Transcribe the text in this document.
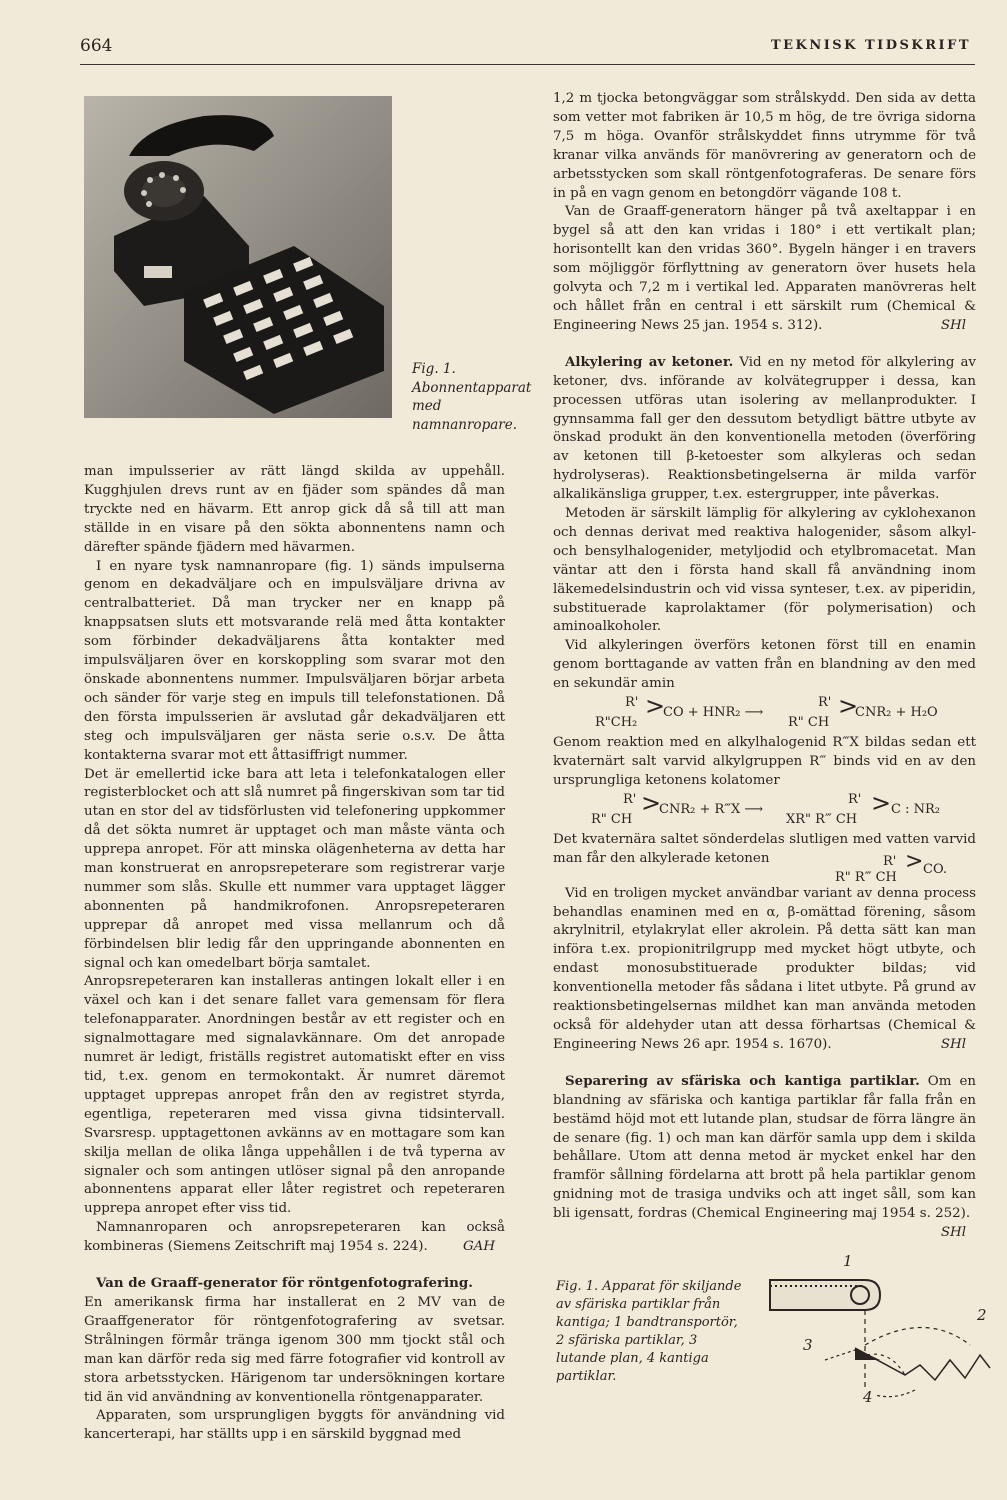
664	TEKNISK TIDSKRIFT
Fig. 1. Abonnentapparat med namnanropare.

man impulsserier av rätt längd skilda av uppehåll. Kugghjulen drevs runt av en fjäder som spändes då man tryckte ned en hävarm. Ett anrop gick då så till att man ställde in en visare på den sökta abonnentens namn och därefter spände fjädern med hävarmen.

I en nyare tysk namnanropare (fig. 1) sänds impulserna genom en dekadväljare och en impulsväljare drivna av centralbatteriet. Då man trycker ner en knapp på knappsatsen sluts ett motsvarande relä med åtta kontakter som förbinder dekadväljarens åtta kontakter med impulsväljaren över en korskoppling som svarar mot den önskade abonnentens nummer. Impulsväljaren börjar arbeta och sänder för varje steg en impuls till telefonstationen. Då den första impulsserien är avslutad går dekadväljaren ett steg och impulsväljaren ger nästa serie o.s.v. De åtta kontakterna svarar mot ett åttasiffrigt nummer.

Det är emellertid icke bara att leta i telefonkatalogen eller registerblocket och att slå numret på fingerskivan som tar tid utan en stor del av tidsförlusten vid telefonering uppkommer då det sökta numret är upptaget och man måste vänta och upprepa anropet. För att minska olägenheterna av detta har man konstruerat en anropsrepeterare som registrerar varje nummer som slås. Skulle ett nummer vara upptaget lägger abonnenten på handmikrofonen. Anropsrepeteraren upprepar då anropet med vissa mellanrum och då förbindelsen blir ledig får den uppringande abonnenten en signal och kan omedelbart börja samtalet.

Anropsrepeteraren kan installeras antingen lokalt eller i en växel och kan i det senare fallet vara gemensam för flera telefonapparater. Anordningen består av ett register och en signalmottagare med signalavkännare. Om det anropade numret är ledigt, friställs registret automatiskt efter en viss tid, t.ex. genom en termokontakt. Är numret däremot upptaget upprepas anropet från den av registret styrda, egentliga, repeteraren med vissa givna tidsintervall. Svarsresp. upptagettonen avkänns av en mottagare som kan skilja mellan de olika långa uppehållen i de två typerna av signaler och som antingen utlöser signal på den anropande abonnentens apparat eller låter registret och repeteraren upprepa anropet efter viss tid.

Namnanroparen och anropsrepeteraren kan också kombineras (Siemens Zeitschrift maj 1954 s. 224).	GAH

Van de Graaff-generator för röntgenfotografering.

En amerikansk firma har installerat en 2 MV van de Graaffgenerator för röntgenfotografering av svetsar. Strålningen förmår tränga igenom 300 mm tjockt stål och man kan därför reda sig med färre fotografier vid kontroll av stora arbetsstycken. Härigenom tar undersökningen kortare tid än vid användning av konventionella röntgenapparater.

Apparaten, som ursprungligen byggts för användning vid kancerterapi, har ställts upp i en särskild byggnad med

1,2 m tjocka betongväggar som strålskydd. Den sida av detta som vetter mot fabriken är 10,5 m hög, de tre övriga sidorna 7,5 m höga. Ovanför strålskyddet finns utrymme för två kranar vilka används för manövrering av generatorn och de arbetsstycken som skall röntgenfotograferas. De senare förs in på en vagn genom en betongdörr vägande 108 t.

Van de Graaff-generatorn hänger på två axeltappar i en bygel så att den kan vridas i 180° i ett vertikalt plan; horisontellt kan den vridas 360°. Bygeln hänger i en travers som möjliggör förflyttning av generatorn över husets hela golvyta och 7,2 m i vertikal led. Apparaten manövreras helt och hållet från en central i ett särskilt rum (Chemical & Engineering News 25 jan. 1954 s. 312).	SHl

Alkylering av ketoner. Vid en ny metod för alkylering av ketoner, dvs. införande av kolvätegrupper i dessa, kan processen utföras utan isolering av mellanprodukter. I gynnsamma fall ger den dessutom betydligt bättre utbyte av önskad produkt än den konventionella metoden (överföring av ketonen till β-ketoester som alkyleras och sedan hydrolyseras). Reaktionsbetingelserna är milda varför alkalikänsliga grupper, t.ex. estergrupper, inte påverkas.

Metoden är särskilt lämplig för alkylering av cyklohexanon och dennas derivat med reaktiva halogenider, såsom alkyl- och bensylhalogenider, metyljodid och etylbromacetat. Man väntar att den i första hand skall få användning inom läkemedelsindustrin och vid vissa synteser, t.ex. av piperidin, substituerade kaprolaktamer (för polymerisation) och aminoalkoholer.

Vid alkyleringen överförs ketonen först till en enamin genom borttagande av vatten från en blandning av den med en sekundär amin

R'
R"CH₂
>
CO + HNR₂ ⟶
R'
R" CH
>
CNR₂ + H₂O

Genom reaktion med en alkylhalogenid R‴X bildas sedan ett kvaternärt salt varvid alkylgruppen R‴ binds vid en av den ursprungliga ketonens kolatomer

R'
R" CH
>
CNR₂ + R‴X ⟶
R'
XR" R‴ CH
> C : NR₂

Det kvaternära saltet sönderdelas slutligen med vatten varvid man får den alkylerade ketonen	R'
R" R‴ CH
> CO.

Vid en troligen mycket användbar variant av denna process behandlas enaminen med en α, β-omättad förening, såsom akrylnitril, etylakrylat eller akrolein. På detta sätt kan man införa t.ex. propionitrilgrupp med mycket högt utbyte, och endast monosubstituerade produkter bildas; vid konventionella metoder fås sådana i litet utbyte. På grund av reaktionsbetingelsernas mildhet kan man använda metoden också för aldehyder utan att dessa förhartsas (Chemical & Engineering News 26 apr. 1954 s. 1670).	SHl

Separering av sfäriska och kantiga partiklar. Om en blandning av sfäriska och kantiga partiklar får falla från en bestämd höjd mot ett lutande plan, studsar de förra längre än de senare (fig. 1) och man kan därför samla upp dem i skilda behållare. Utom att denna metod är mycket enkel har den framför sållning fördelarna att brott på hela partiklar genom gnidning mot de trasiga undviks och att inget såll, som kan bli igensatt, fordras (Chemical Engineering maj 1954 s. 252).
SHl

Fig. 1. Apparat för skiljande av sfäriska partiklar från kantiga; 1 bandtransportör, 2 sfäriska partiklar, 3 lutande plan, 4 kantiga partiklar.
1
2
3
4
